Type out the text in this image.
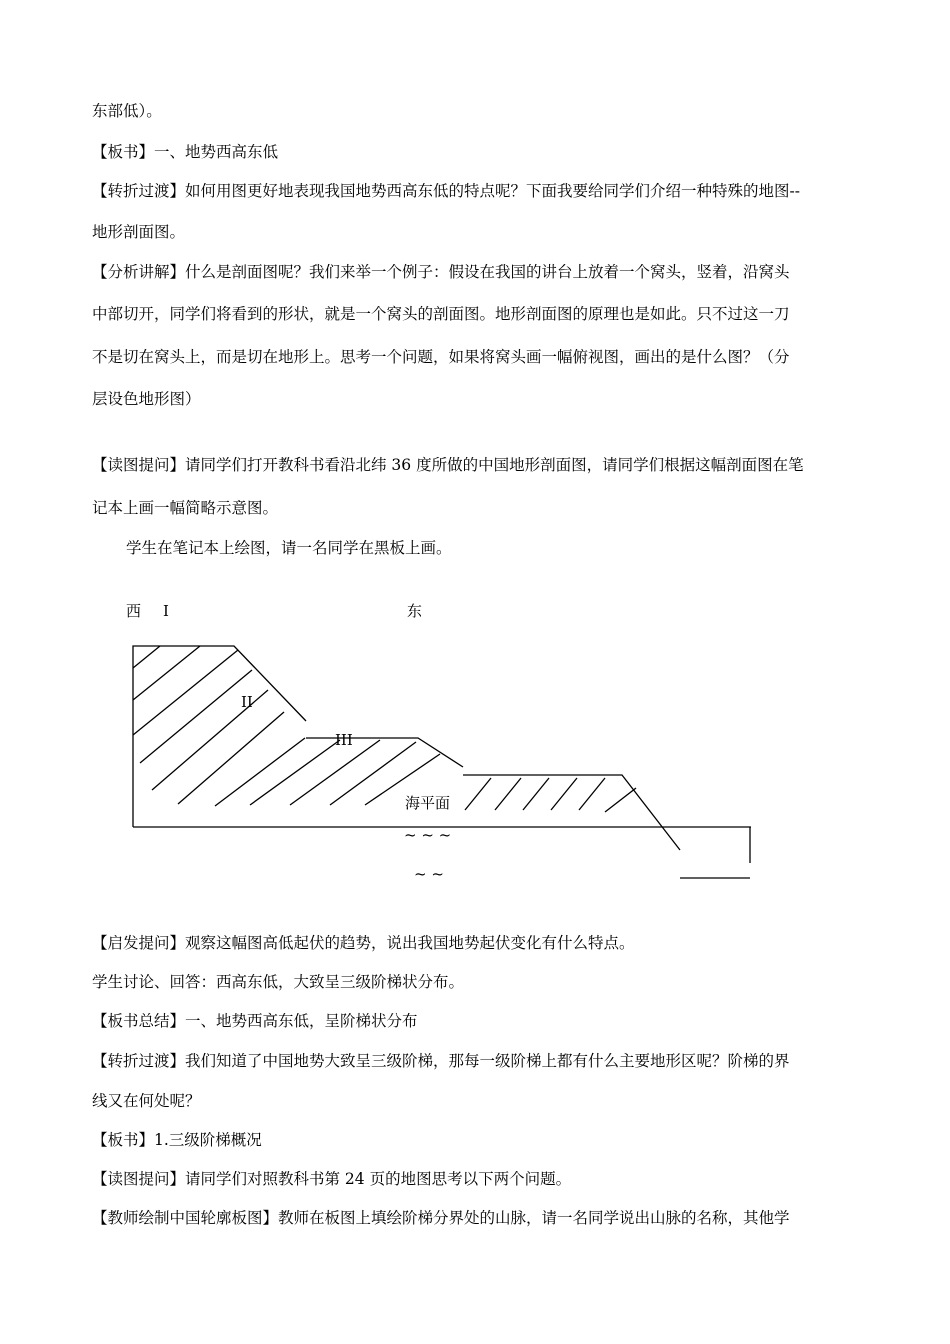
东部低）。

【板书】一、地势西高东低

【转折过渡】如何用图更好地表现我国地势西高东低的特点呢？下面我要给同学们介绍一种特殊的地图--

地形剖面图。

【分析讲解】什么是剖面图呢？我们来举一个例子：假设在我国的讲台上放着一个窝头，竖着，沿窝头

中部切开，同学们将看到的形状，就是一个窝头的剖面图。地形剖面图的原理也是如此。只不过这一刀

不是切在窝头上，而是切在地形上。思考一个问题，如果将窝头画一幅俯视图，画出的是什么图？（分

层设色地形图）

【读图提问】请同学们打开教科书看沿北纬 36 度所做的中国地形剖面图，请同学们根据这幅剖面图在笔

记本上画一幅简略示意图。

学生在笔记本上绘图，请一名同学在黑板上画。

西 I	东
II
III
海平面
~ ~ ~
~ ~

【启发提问】观察这幅图高低起伏的趋势，说出我国地势起伏变化有什么特点。

学生讨论、回答：西高东低，大致呈三级阶梯状分布。

【板书总结】一、地势西高东低，呈阶梯状分布

【转折过渡】我们知道了中国地势大致呈三级阶梯，那每一级阶梯上都有什么主要地形区呢？阶梯的界

线又在何处呢？

【板书】1.三级阶梯概况

【读图提问】请同学们对照教科书第 24 页的地图思考以下两个问题。

【教师绘制中国轮廓板图】教师在板图上填绘阶梯分界处的山脉，请一名同学说出山脉的名称，其他学
